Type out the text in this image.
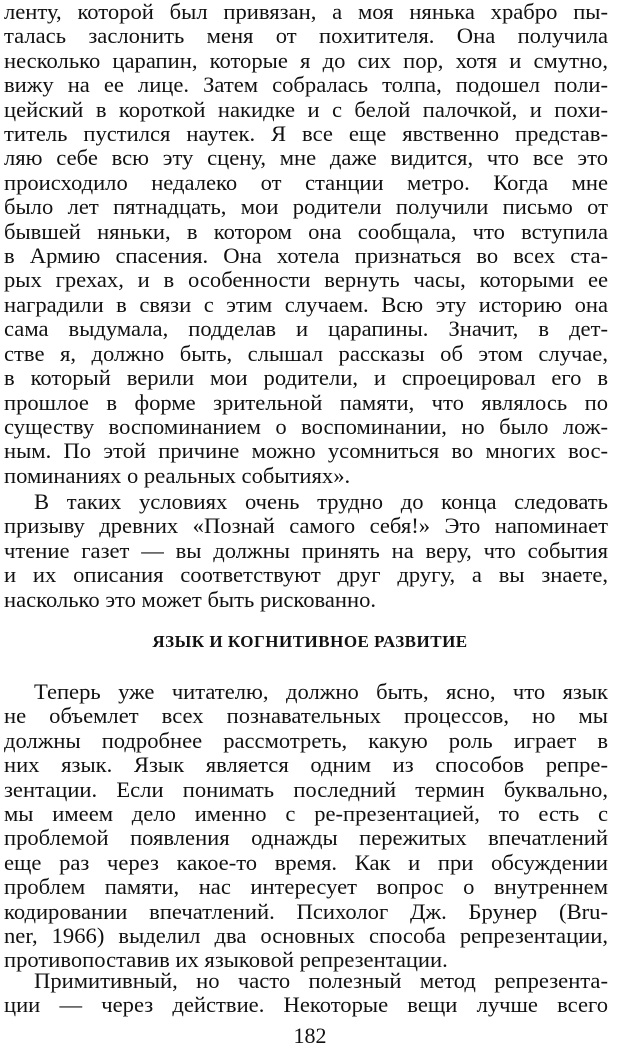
ленту, которой был привязан, а моя нянька храбро пы-
талась заслонить меня от похитителя. Она получила
несколько царапин, которые я до сих пор, хотя и смутно,
вижу на ее лице. Затем собралась толпа, подошел поли-
цейский в короткой накидке и с белой палочкой, и похи-
титель пустился наутек. Я все еще явственно представ-
ляю себе всю эту сцену, мне даже видится, что все это
происходило недалеко от станции метро. Когда мне
было лет пятнадцать, мои родители получили письмо от
бывшей няньки, в котором она сообщала, что вступила
в Армию спасения. Она хотела признаться во всех ста-
рых грехах, и в особенности вернуть часы, которыми ее
наградили в связи с этим случаем. Всю эту историю она
сама выдумала, подделав и царапины. Значит, в дет-
стве я, должно быть, слышал рассказы об этом случае,
в который верили мои родители, и спроецировал его в
прошлое в форме зрительной памяти, что являлось по
существу воспоминанием о воспоминании, но было лож-
ным. По этой причине можно усомниться во многих вос-
поминаниях о реальных событиях».
В таких условиях очень трудно до конца следовать
призыву древних «Познай самого себя!» Это напоминает
чтение газет — вы должны принять на веру, что события
и их описания соответствуют друг другу, а вы знаете,
насколько это может быть рискованно.

ЯЗЫК И КОГНИТИВНОЕ РАЗВИТИЕ

Теперь уже читателю, должно быть, ясно, что язык
не объемлет всех познавательных процессов, но мы
должны подробнее рассмотреть, какую роль играет в
них язык. Язык является одним из способов репре-
зентации. Если понимать последний термин буквально,
мы имеем дело именно с ре-презентацией, то есть с
проблемой появления однажды пережитых впечатлений
еще раз через какое-то время. Как и при обсуждении
проблем памяти, нас интересует вопрос о внутреннем
кодировании впечатлений. Психолог Дж. Брунер (Bru-
ner, 1966) выделил два основных способа репрезентации,
противопоставив их языковой репрезентации.
Примитивный, но часто полезный метод репрезента-
ции — через действие. Некоторые вещи лучше всего

182
